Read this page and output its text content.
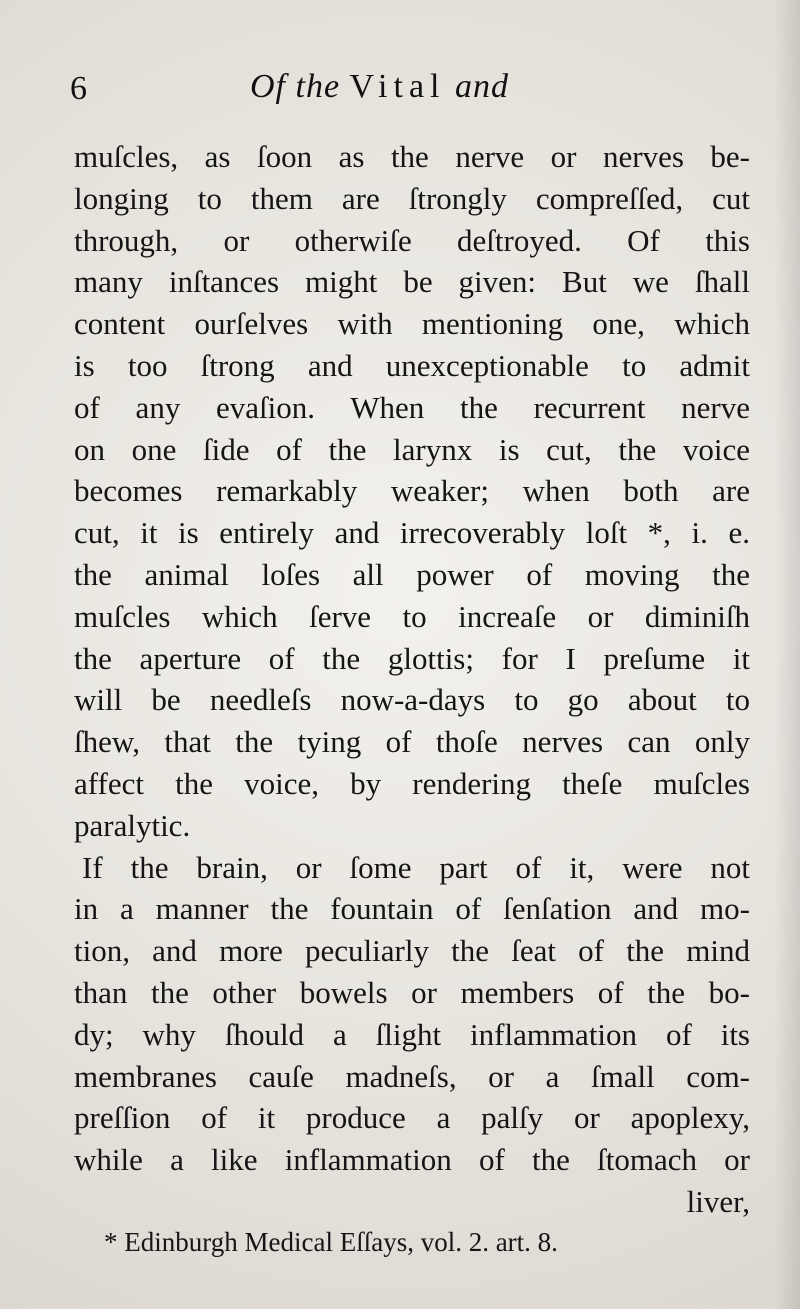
6	Of the Vital and
muſcles, as ſoon as the nerve or nerves be-
longing to them are ſtrongly compreſſed, cut
through, or otherwiſe deſtroyed. Of this
many inſtances might be given: But we ſhall
content ourſelves with mentioning one, which
is too ſtrong and unexceptionable to admit
of any evaſion. When the recurrent nerve
on one ſide of the larynx is cut, the voice
becomes remarkably weaker; when both are
cut, it is entirely and irrecoverably loſt *, i. e.
the animal loſes all power of moving the
muſcles which ſerve to increaſe or diminiſh
the aperture of the glottis; for I preſume it
will be needleſs now-a-days to go about to
ſhew, that the tying of thoſe nerves can only
affect the voice, by rendering theſe muſcles
paralytic.
If the brain, or ſome part of it, were not
in a manner the fountain of ſenſation and mo-
tion, and more peculiarly the ſeat of the mind
than the other bowels or members of the bo-
dy; why ſhould a ſlight inflammation of its
membranes cauſe madneſs, or a ſmall com-
preſſion of it produce a palſy or apoplexy,
while a like inflammation of the ſtomach or
liver,
* Edinburgh Medical Eſſays, vol. 2. art. 8.
